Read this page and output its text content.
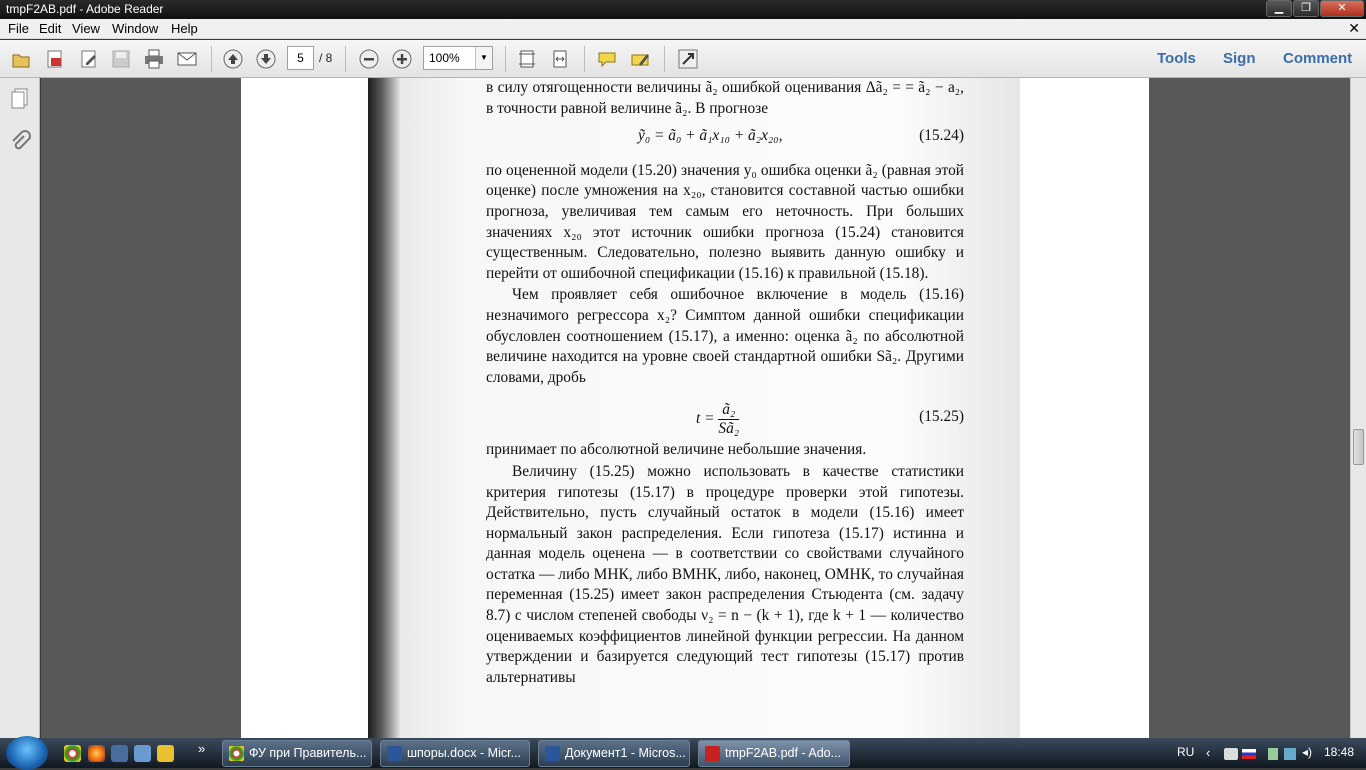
tmpF2AB.pdf - Adobe Reader	▁	❐	✕
File Edit View Window Help	✕
5	/ 8	100%	▼	Tools Sign Comment

в силу отягощенности величины ã₂ ошибкой оценивания Δã₂ = = ã₂ − a₂, в точности равной величине ã₂. В прогнозе

ỹ₀ = ã₀ + ã₁x₁₀ + ã₂x₂₀,	(15.24)

по оцененной модели (15.20) значения y₀ ошибка оценки ã₂ (равная этой оценке) после умножения на x₂₀, становится составной частью ошибки прогноза, увеличивая тем самым его неточность. При больших значениях x₂₀ этот источник ошибки прогноза (15.24) становится существенным. Следовательно, полезно выявить данную ошибку и перейти от ошибочной спецификации (15.16) к правильной (15.18).

Чем проявляет себя ошибочное включение в модель (15.16) незначимого регрессора x₂? Симптом данной ошибки спецификации обусловлен соотношением (15.17), а именно: оценка ã₂ по абсолютной величине находится на уровне своей стандартной ошибки Sã₂. Другими словами, дробь

$t = \frac{\text{ã₂}}{\text{Sã₂}}$	(15.25)

принимает по абсолютной величине небольшие значения.

Величину (15.25) можно использовать в качестве статистики критерия гипотезы (15.17) в процедуре проверки этой гипотезы. Действительно, пусть случайный остаток в модели (15.16) имеет нормальный закон распределения. Если гипотеза (15.17) истинна и данная модель оценена — в соответствии со свойствами случайного остатка — либо МНК, либо ВМНК, либо, наконец, ОМНК, то случайная переменная (15.25) имеет закон распределения Стьюдента (см. задачу 8.7) с числом степеней свободы ν₂ = n − (k + 1), где k + 1 — количество оцениваемых коэффициентов линейной функции регрессии. На данном утверждении и базируется следующий тест гипотезы (15.17) против альтернативы

»	ФУ при Правитель...	шпоры.docx - Micr...	Документ1 - Micros...	tmpF2AB.pdf - Ado...	RU ‹	◂) 18:48
